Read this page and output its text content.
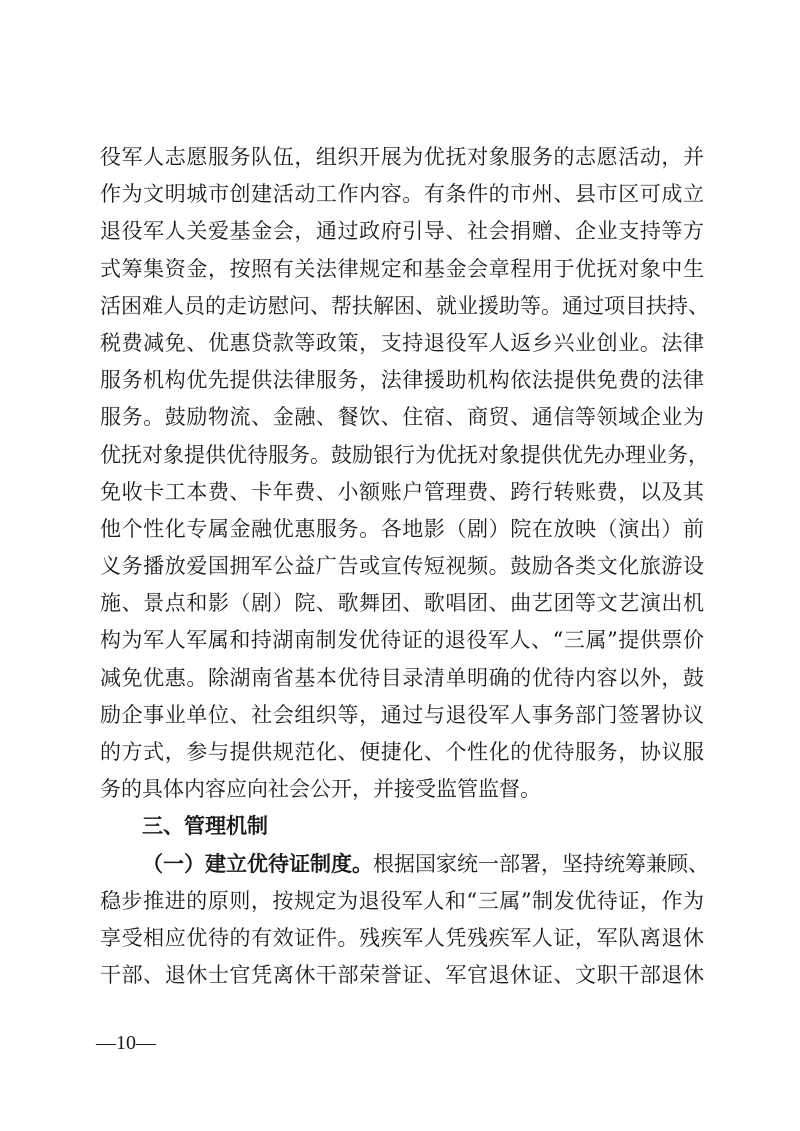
役军人志愿服务队伍，组织开展为优抚对象服务的志愿活动，并
作为文明城市创建活动工作内容。有条件的市州、县市区可成立
退役军人关爱基金会，通过政府引导、社会捐赠、企业支持等方
式筹集资金，按照有关法律规定和基金会章程用于优抚对象中生
活困难人员的走访慰问、帮扶解困、就业援助等。通过项目扶持、
税费减免、优惠贷款等政策，支持退役军人返乡兴业创业。法律
服务机构优先提供法律服务，法律援助机构依法提供免费的法律
服务。鼓励物流、金融、餐饮、住宿、商贸、通信等领域企业为
优抚对象提供优待服务。鼓励银行为优抚对象提供优先办理业务，
免收卡工本费、卡年费、小额账户管理费、跨行转账费，以及其
他个性化专属金融优惠服务。各地影（剧）院在放映（演出）前
义务播放爱国拥军公益广告或宣传短视频。鼓励各类文化旅游设
施、景点和影（剧）院、歌舞团、歌唱团、曲艺团等文艺演出机
构为军人军属和持湖南制发优待证的退役军人、“三属”提供票价
减免优惠。除湖南省基本优待目录清单明确的优待内容以外，鼓
励企事业单位、社会组织等，通过与退役军人事务部门签署协议
的方式，参与提供规范化、便捷化、个性化的优待服务，协议服
务的具体内容应向社会公开，并接受监管监督。
三、管理机制
（一）建立优待证制度。根据国家统一部署，坚持统筹兼顾、
稳步推进的原则，按规定为退役军人和“三属”制发优待证，作为
享受相应优待的有效证件。残疾军人凭残疾军人证，军队离退休
干部、退休士官凭离休干部荣誉证、军官退休证、文职干部退休
—10—
